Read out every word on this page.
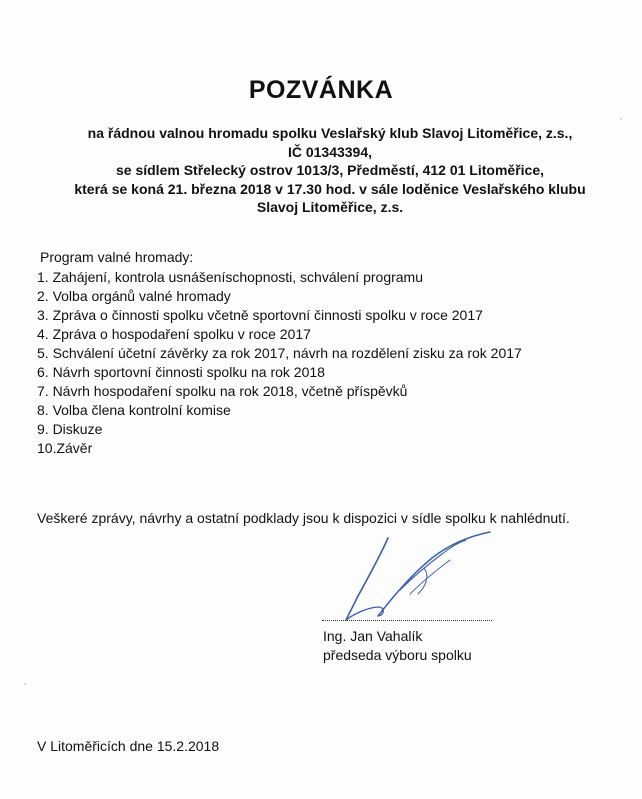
POZVÁNKA
na řádnou valnou hromadu spolku Veslařský klub Slavoj Litoměřice, z.s.,
IČ 01343394,
se sídlem Střelecký ostrov 1013/3, Předměstí, 412 01 Litoměřice,
která se koná 21. března 2018 v 17.30 hod. v sále loděnice Veslařského klubu
Slavoj Litoměřice, z.s.
Program valné hromady:
1. Zahájení, kontrola usnášeníschopnosti, schválení programu
2. Volba orgánů valné hromady
3. Zpráva o činnosti spolku včetně sportovní činnosti spolku v roce 2017
4. Zpráva o hospodaření spolku v roce 2017
5. Schválení účetní závěrky za rok 2017, návrh na rozdělení zisku za rok 2017
6. Návrh sportovní činnosti spolku na rok 2018
7. Návrh hospodaření spolku na rok 2018, včetně příspěvků
8. Volba člena kontrolní komise
9. Diskuze
10.Závěr

Veškeré zprávy, návrhy a ostatní podklady jsou k dispozici v sídle spolku k nahlédnutí.

Ing. Jan Vahalík
předseda výboru spolku

V Litoměřicích dne 15.2.2018
